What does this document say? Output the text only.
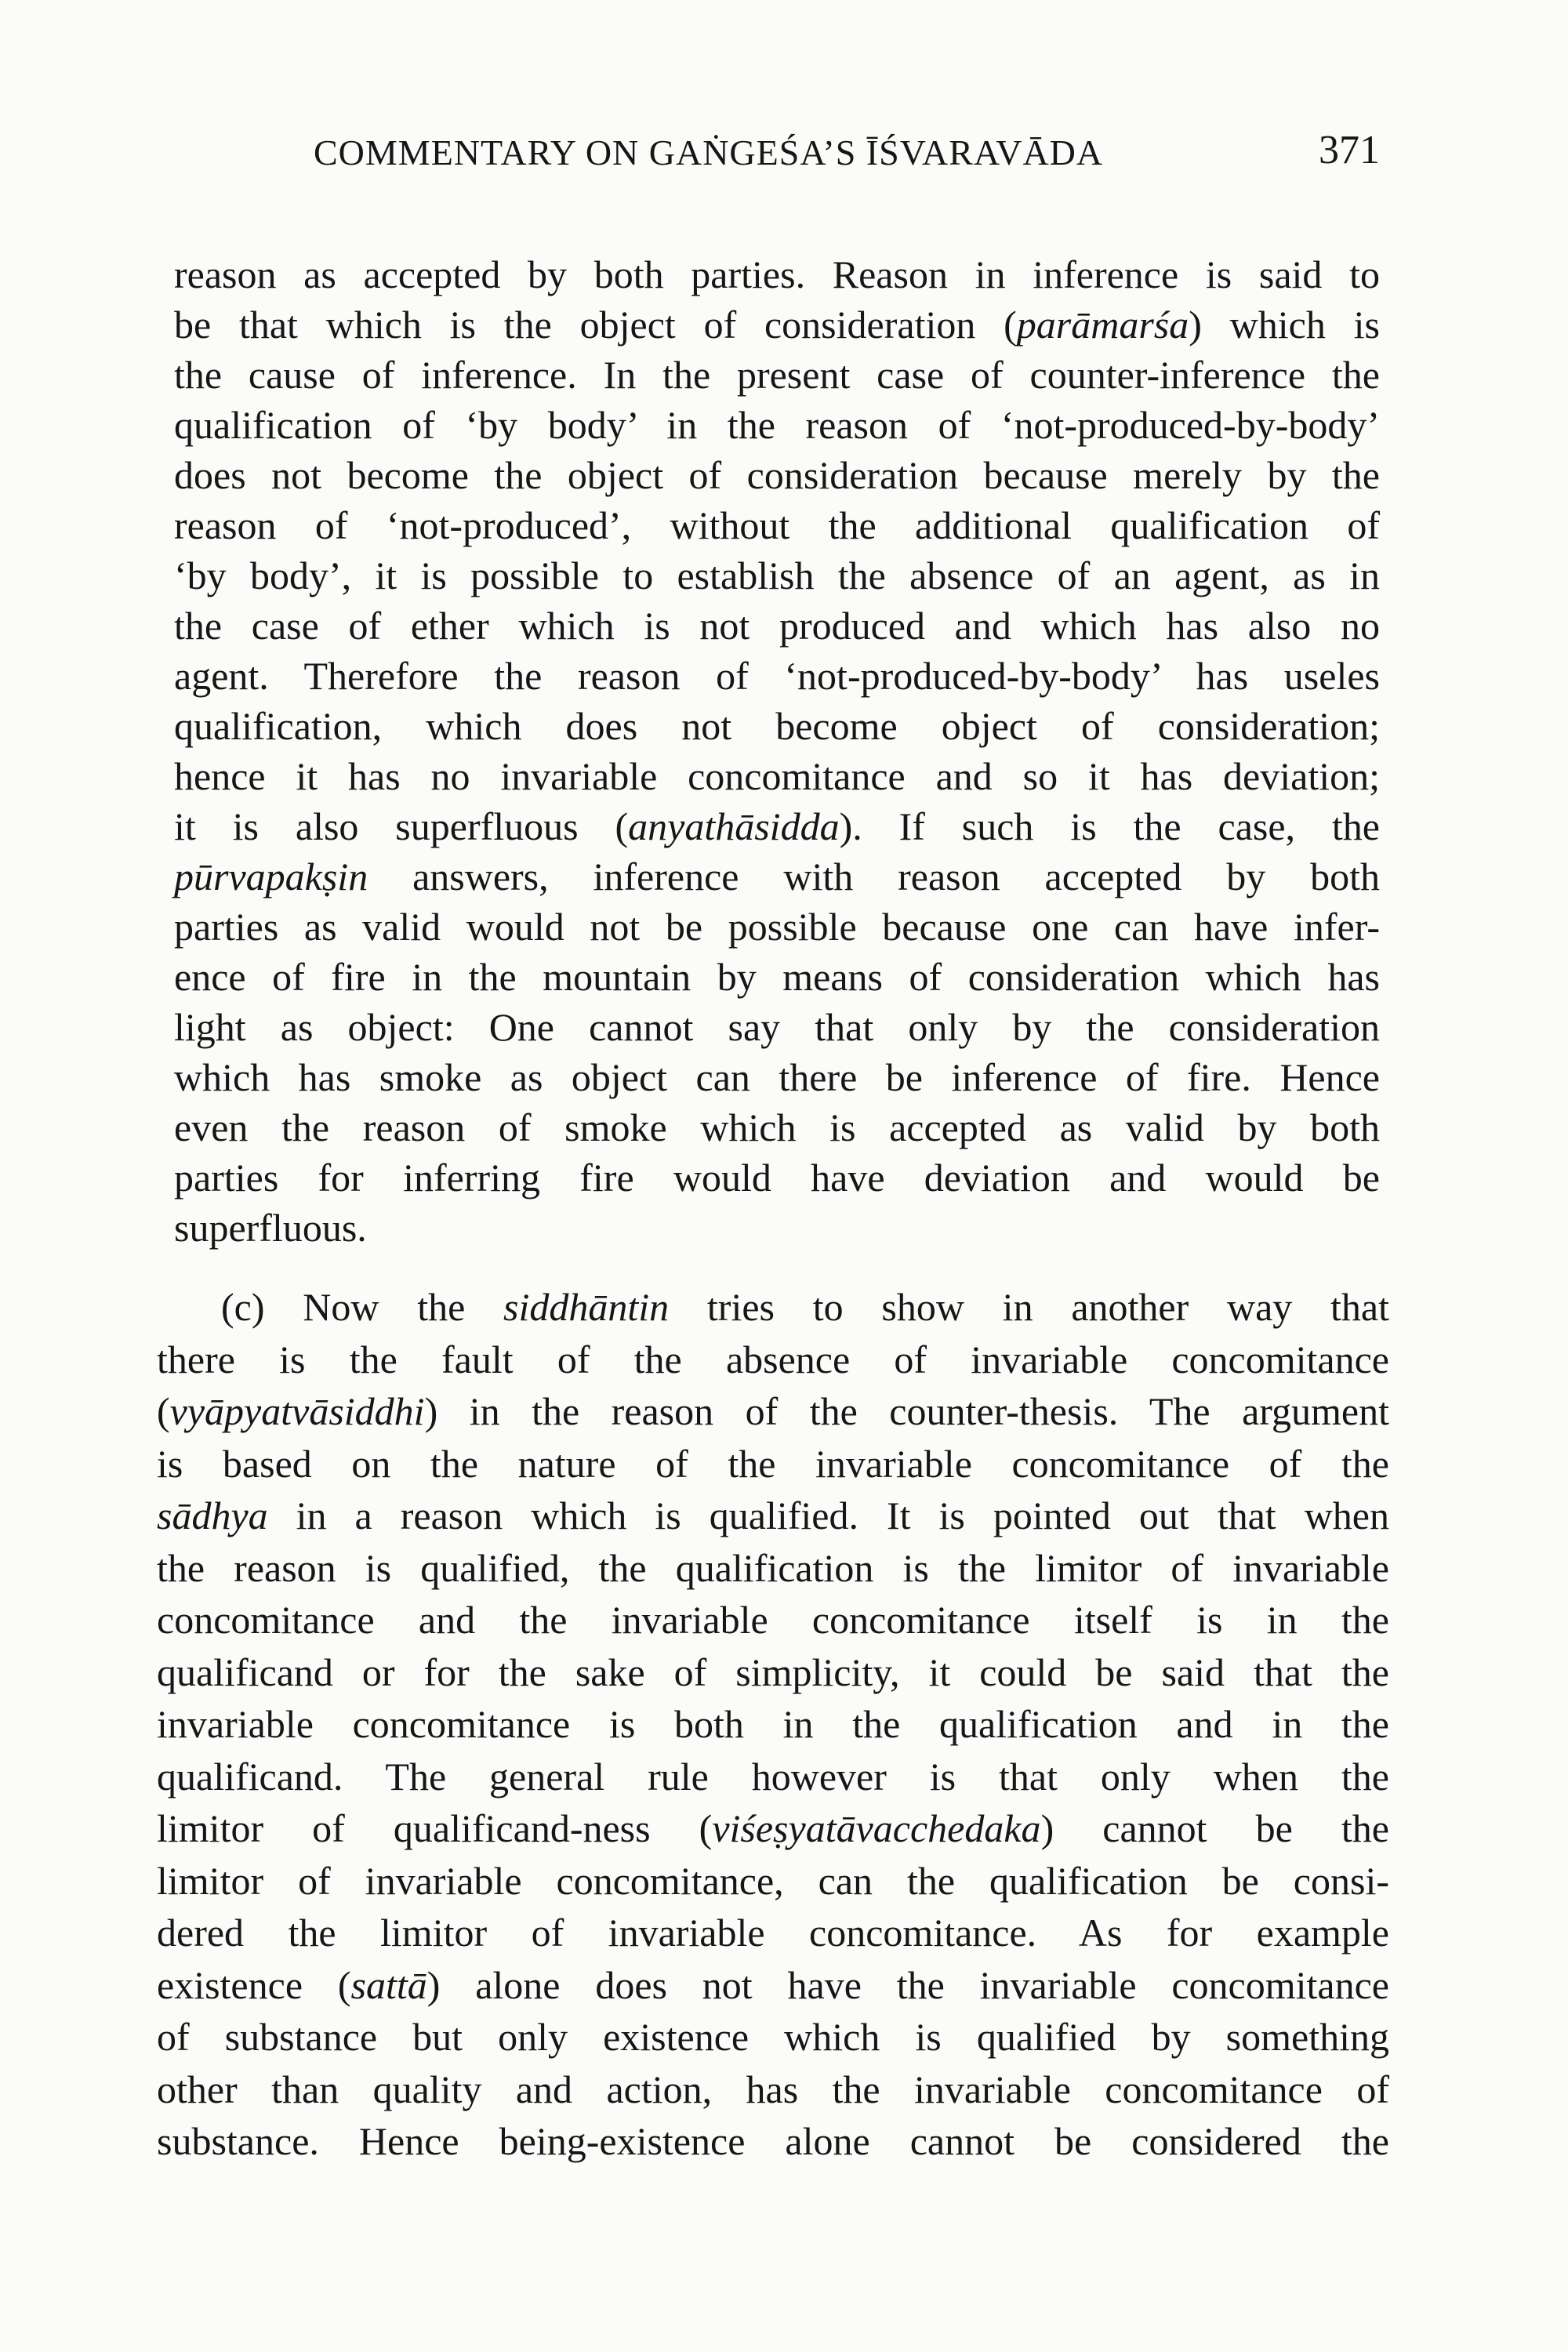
COMMENTARY ON GAṄGEŚA’S ĪŚVARAVĀDA	371
reason as accepted by both parties. Reason in inference is said to
be that which is the object of consideration (parāmarśa) which is
the cause of inference. In the present case of counter-inference the
qualification of ‘by body’ in the reason of ‘not-produced-by-body’
does not become the object of consideration because merely by the
reason of ‘not-produced’, without the additional qualification of
‘by body’, it is possible to establish the absence of an agent, as in
the case of ether which is not produced and which has also no
agent. Therefore the reason of ‘not-produced-by-body’ has useles
qualification, which does not become object of consideration;
hence it has no invariable concomitance and so it has deviation;
it is also superfluous (anyathāsidda). If such is the case, the
pūrvapakṣin answers, inference with reason accepted by both
parties as valid would not be possible because one can have infer-
ence of fire in the mountain by means of consideration which has
light as object: One cannot say that only by the consideration
which has smoke as object can there be inference of fire. Hence
even the reason of smoke which is accepted as valid by both
parties for inferring fire would have deviation and would be
superfluous.
(c) Now the siddhāntin tries to show in another way that
there is the fault of the absence of invariable concomitance
(vyāpyatvāsiddhi) in the reason of the counter-thesis. The argument
is based on the nature of the invariable concomitance of the
sādhya in a reason which is qualified. It is pointed out that when
the reason is qualified, the qualification is the limitor of invariable
concomitance and the invariable concomitance itself is in the
qualificand or for the sake of simplicity, it could be said that the
invariable concomitance is both in the qualification and in the
qualificand. The general rule however is that only when the
limitor of qualificand-ness (viśeṣyatāvacchedaka) cannot be the
limitor of invariable concomitance, can the qualification be consi-
dered the limitor of invariable concomitance. As for example
existence (sattā) alone does not have the invariable concomitance
of substance but only existence which is qualified by something
other than quality and action, has the invariable concomitance of
substance. Hence being-existence alone cannot be considered the
